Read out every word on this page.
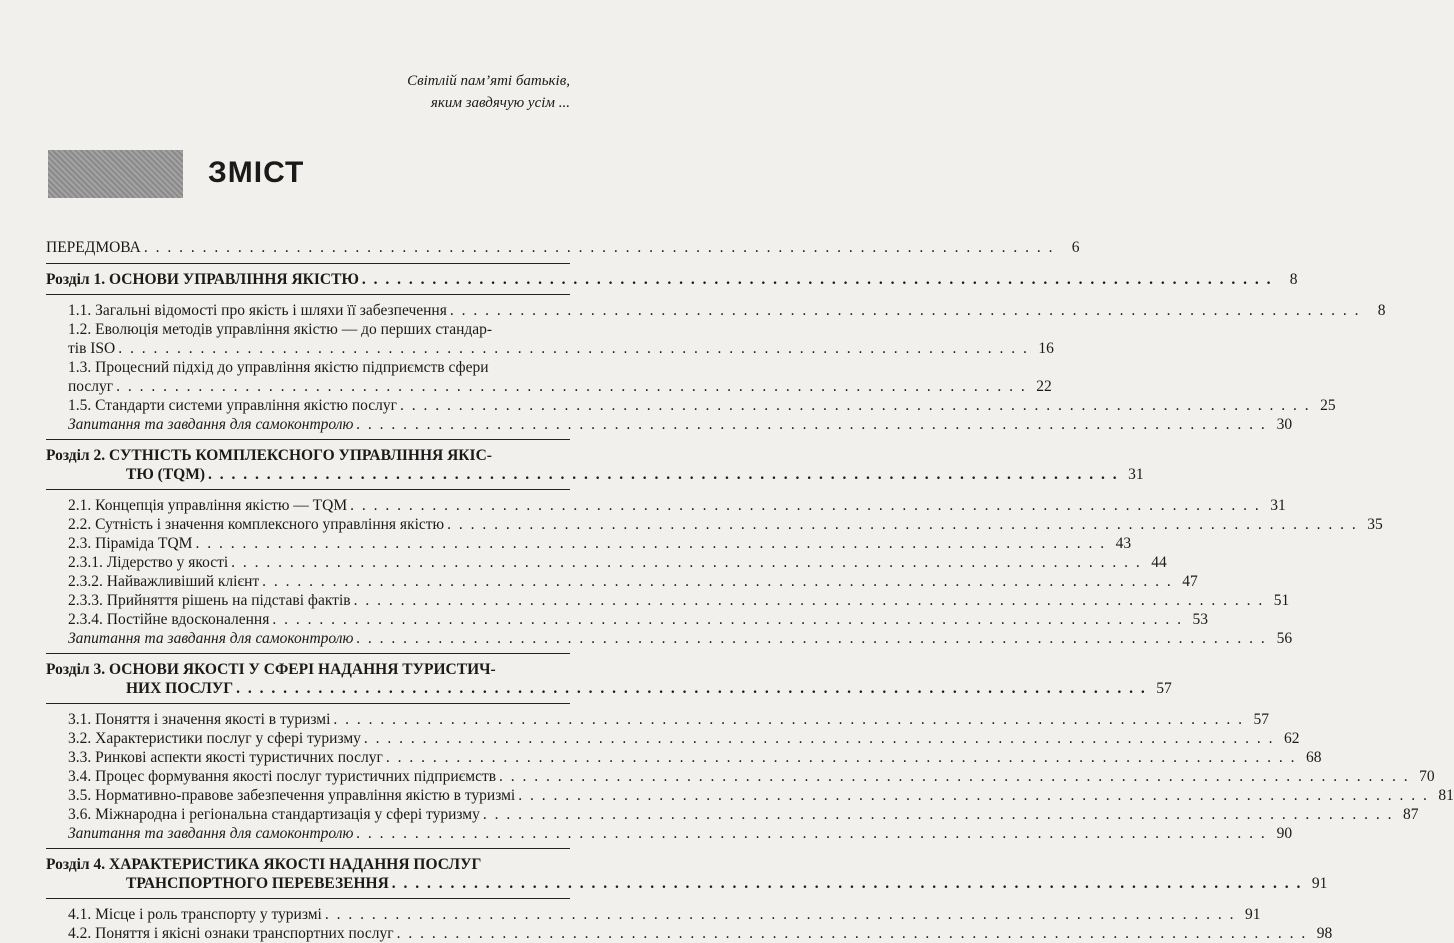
Світлій пам’яті батьків,
яким завдячую усім ...
ЗМІСТ
ПЕРЕДМОВА . . .	6
Розділ 1. ОСНОВИ УПРАВЛІННЯ ЯКІСТЮ . . .	8
1.1. Загальні відомості про якість і шляхи її забезпечення . . .	8
1.2. Еволюція методів управління якістю — до перших стандар-
тів ISO . . .	16
1.3. Процесний підхід до управління якістю підприємств сфери
послуг . . .	22
1.5. Стандарти системи управління якістю послуг . . .	25
Запитання та завдання для самоконтролю . . .	30
Розділ 2. СУТНІСТЬ КОМПЛЕКСНОГО УПРАВЛІННЯ ЯКІС-
ТЮ (TQM) . . .	31
2.1. Концепція управління якістю — TQM . . .	31
2.2. Сутність і значення комплексного управління якістю . . .	35
2.3. Піраміда TQM . . .	43
2.3.1. Лідерство у якості . . .	44
2.3.2. Найважливіший клієнт . . .	47
2.3.3. Прийняття рішень на підставі фактів . . .	51
2.3.4. Постійне вдосконалення . . .	53
Запитання та завдання для самоконтролю . . .	56
Розділ 3. ОСНОВИ ЯКОСТІ У СФЕРІ НАДАННЯ ТУРИСТИЧ-
НИХ ПОСЛУГ . . .	57
3.1. Поняття і значення якості в туризмі . . .	57
3.2. Характеристики послуг у сфері туризму . . .	62
3.3. Ринкові аспекти якості туристичних послуг . . .	68
3.4. Процес формування якості послуг туристичних підприємств . . .	70
3.5. Нормативно-правове забезпечення управління якістю в туризмі . . .	81
3.6. Міжнародна і регіональна стандартизація у сфері туризму . . .	87
Запитання та завдання для самоконтролю . . .	90
Розділ 4. ХАРАКТЕРИСТИКА ЯКОСТІ НАДАННЯ ПОСЛУГ
ТРАНСПОРТНОГО ПЕРЕВЕЗЕННЯ . . .	91
4.1. Місце і роль транспорту у туризмі . . .	91
4.2. Поняття і якісні ознаки транспортних послуг . . .	98
